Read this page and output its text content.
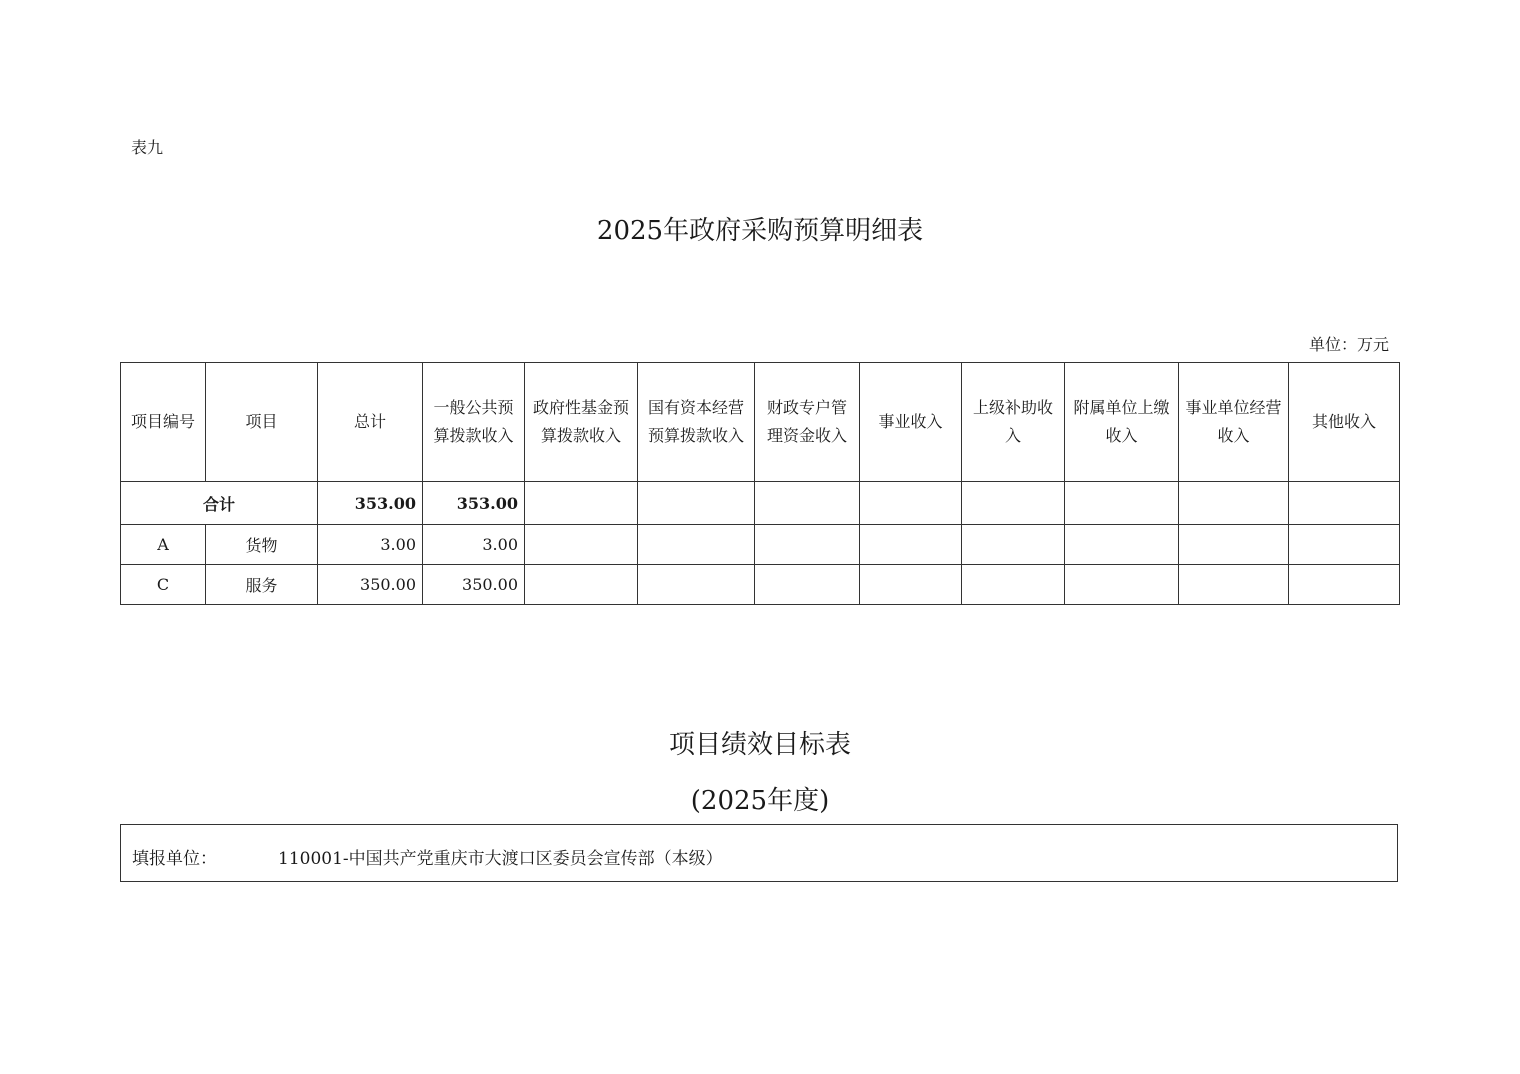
表九
2025年政府采购预算明细表
单位：万元
项目编号	项目	总计	一般公共预算拨款收入	政府性基金预算拨款收入	国有资本经营预算拨款收入	财政专户管理资金收入	事业收入	上级补助收入	附属单位上缴收入	事业单位经营收入	其他收入
合计		353.00	353.00								
A	货物	3.00	3.00								
C	服务	350.00	350.00								
项目绩效目标表
(2025年度)
填报单位：	110001-中国共产党重庆市大渡口区委员会宣传部（本级）
